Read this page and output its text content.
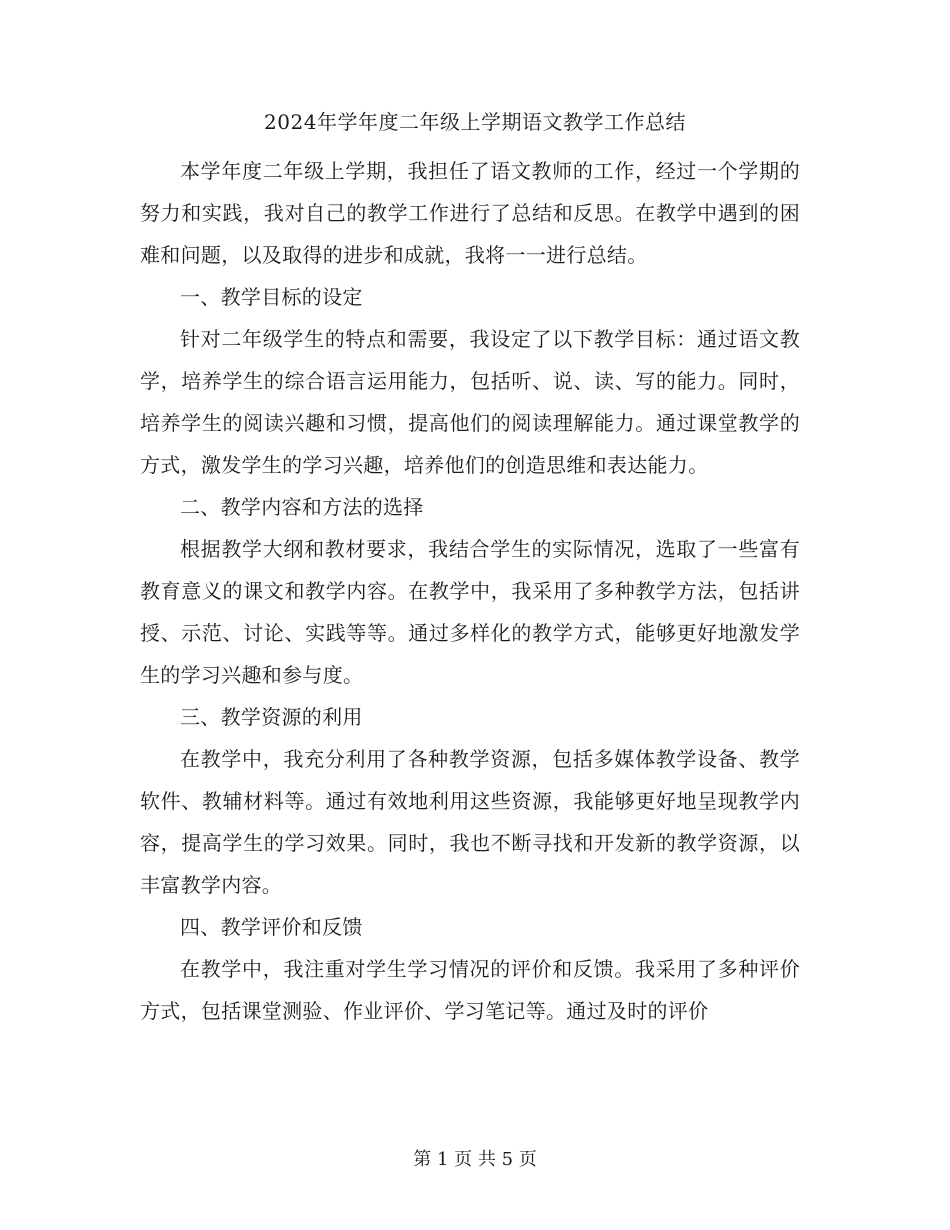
2024年学年度二年级上学期语文教学工作总结

本学年度二年级上学期，我担任了语文教师的工作，经过一个学期的努力和实践，我对自己的教学工作进行了总结和反思。在教学中遇到的困难和问题，以及取得的进步和成就，我将一一进行总结。

一、教学目标的设定

针对二年级学生的特点和需要，我设定了以下教学目标：通过语文教学，培养学生的综合语言运用能力，包括听、说、读、写的能力。同时，培养学生的阅读兴趣和习惯，提高他们的阅读理解能力。通过课堂教学的方式，激发学生的学习兴趣，培养他们的创造思维和表达能力。

二、教学内容和方法的选择

根据教学大纲和教材要求，我结合学生的实际情况，选取了一些富有教育意义的课文和教学内容。在教学中，我采用了多种教学方法，包括讲授、示范、讨论、实践等等。通过多样化的教学方式，能够更好地激发学生的学习兴趣和参与度。

三、教学资源的利用

在教学中，我充分利用了各种教学资源，包括多媒体教学设备、教学软件、教辅材料等。通过有效地利用这些资源，我能够更好地呈现教学内容，提高学生的学习效果。同时，我也不断寻找和开发新的教学资源，以丰富教学内容。

四、教学评价和反馈

在教学中，我注重对学生学习情况的评价和反馈。我采用了多种评价方式，包括课堂测验、作业评价、学习笔记等。通过及时的评价

第 1 页 共 5 页
